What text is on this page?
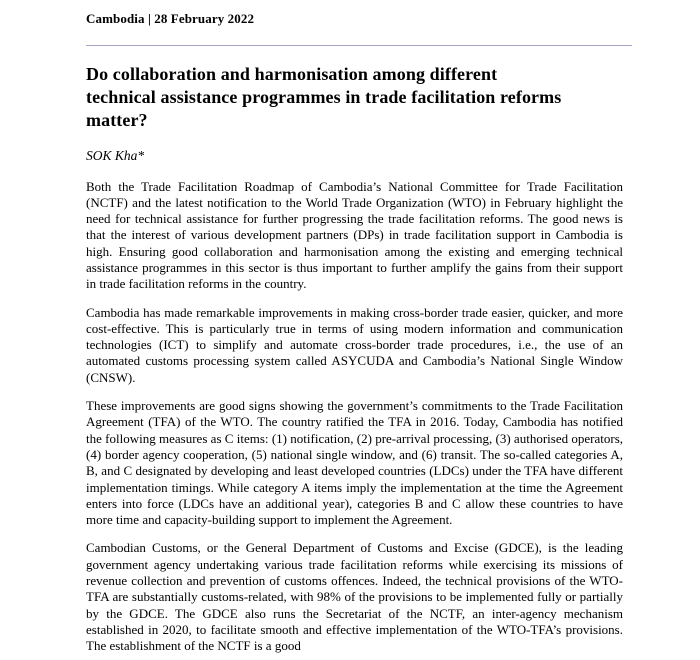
Cambodia | 28 February 2022
Do collaboration and harmonisation among different
technical assistance programmes in trade facilitation reforms
matter?
SOK Kha*

Both the Trade Facilitation Roadmap of Cambodia’s National Committee for Trade Facilitation (NCTF) and the latest notification to the World Trade Organization (WTO) in February highlight the need for technical assistance for further progressing the trade facilitation reforms. The good news is that the interest of various development partners (DPs) in trade facilitation support in Cambodia is high. Ensuring good collaboration and harmonisation among the existing and emerging technical assistance programmes in this sector is thus important to further amplify the gains from their support in trade facilitation reforms in the country.

Cambodia has made remarkable improvements in making cross-border trade easier, quicker, and more cost-effective. This is particularly true in terms of using modern information and communication technologies (ICT) to simplify and automate cross-border trade procedures, i.e., the use of an automated customs processing system called ASYCUDA and Cambodia’s National Single Window (CNSW).

These improvements are good signs showing the government’s commitments to the Trade Facilitation Agreement (TFA) of the WTO. The country ratified the TFA in 2016. Today, Cambodia has notified the following measures as C items: (1) notification, (2) pre-arrival processing, (3) authorised operators, (4) border agency cooperation, (5) national single window, and (6) transit. The so-called categories A, B, and C designated by developing and least developed countries (LDCs) under the TFA have different implementation timings. While category A items imply the implementation at the time the Agreement enters into force (LDCs have an additional year), categories B and C allow these countries to have more time and capacity-building support to implement the Agreement.

Cambodian Customs, or the General Department of Customs and Excise (GDCE), is the leading government agency undertaking various trade facilitation reforms while exercising its missions of revenue collection and prevention of customs offences. Indeed, the technical provisions of the WTO-TFA are substantially customs-related, with 98% of the provisions to be implemented fully or partially by the GDCE. The GDCE also runs the Secretariat of the NCTF, an inter-agency mechanism established in 2020, to facilitate smooth and effective implementation of the WTO-TFA’s provisions. The establishment of the NCTF is a good
